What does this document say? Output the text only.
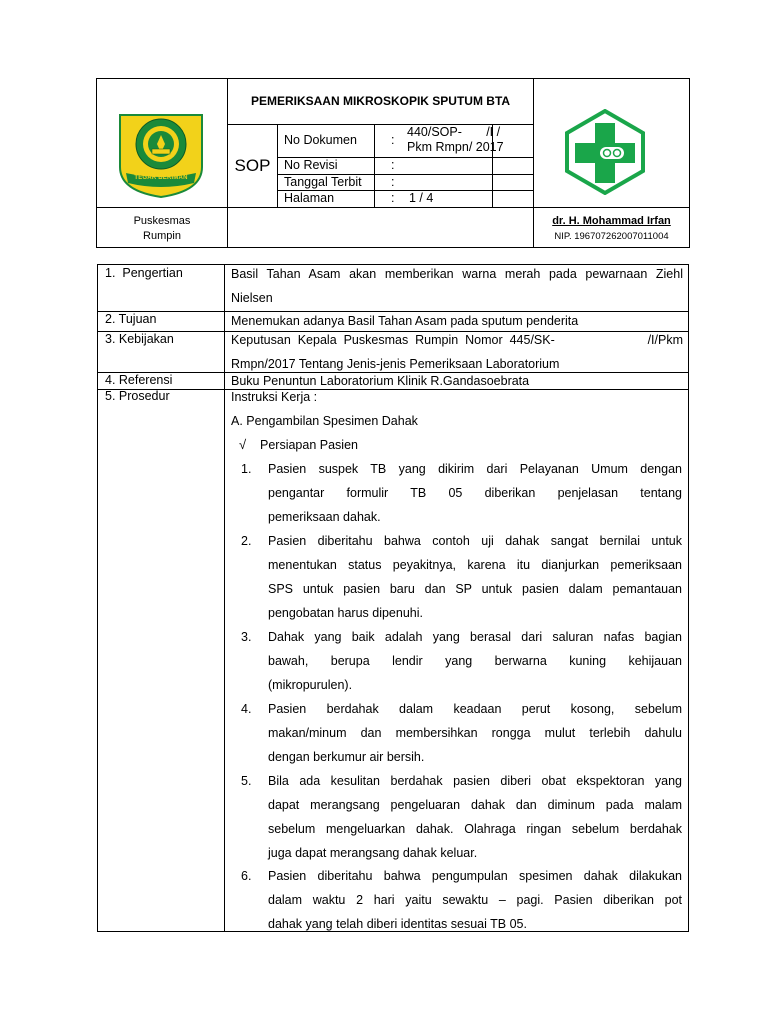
TEGAR BERIMAN
PEMERIKSAAN MIKROSKOPIK SPUTUM BTA
SOP
No Dokumen	:
440/SOP-       /I /
Pkm Rmpn/ 2017
No Revisi	:
Tanggal Terbit :
Halaman	: 1 / 4
Puskesmas
Rumpin
dr. H. Mohammad Irfan
NIP. 196707262007011004
1.  Pengertian	Basil Tahan Asam akan memberikan warna merah pada pewarnaan Ziehl
Nielsen
2. Tujuan	Menemukan adanya Basil Tahan Asam pada sputum penderita
3. Kebijakan	Keputusan  Kepala  Puskesmas  Rumpin  Nomor  445/SK-	/I/Pkm
Rmpn/2017 Tentang Jenis-jenis Pemeriksaan Laboratorium
4. Referensi	Buku Penuntun Laboratorium Klinik R.Gandasoebrata
5. Prosedur	Instruksi Kerja :
A. Pengambilan Spesimen Dahak
√ Persiapan Pasien
1.	Pasien suspek TB yang dikirim dari Pelayanan Umum dengan
pengantar formulir TB 05 diberikan penjelasan tentang
pemeriksaan dahak.
2.	Pasien diberitahu bahwa contoh uji dahak sangat bernilai untuk
menentukan status peyakitnya, karena itu dianjurkan pemeriksaan
SPS untuk pasien baru dan SP untuk pasien dalam pemantauan
pengobatan harus dipenuhi.
3.	Dahak yang baik adalah yang berasal dari saluran nafas bagian
bawah, berupa lendir yang berwarna kuning kehijauan
(mikropurulen).
4.	Pasien berdahak dalam keadaan perut kosong, sebelum
makan/minum dan membersihkan rongga mulut terlebih dahulu
dengan berkumur air bersih.
5.	Bila ada kesulitan berdahak pasien diberi obat ekspektoran yang
dapat merangsang pengeluaran dahak dan diminum pada malam
sebelum mengeluarkan dahak. Olahraga ringan sebelum berdahak
juga dapat merangsang dahak keluar.
6.	Pasien diberitahu bahwa pengumpulan spesimen dahak dilakukan
dalam waktu 2 hari yaitu sewaktu – pagi. Pasien diberikan pot
dahak yang telah diberi identitas sesuai TB 05.
